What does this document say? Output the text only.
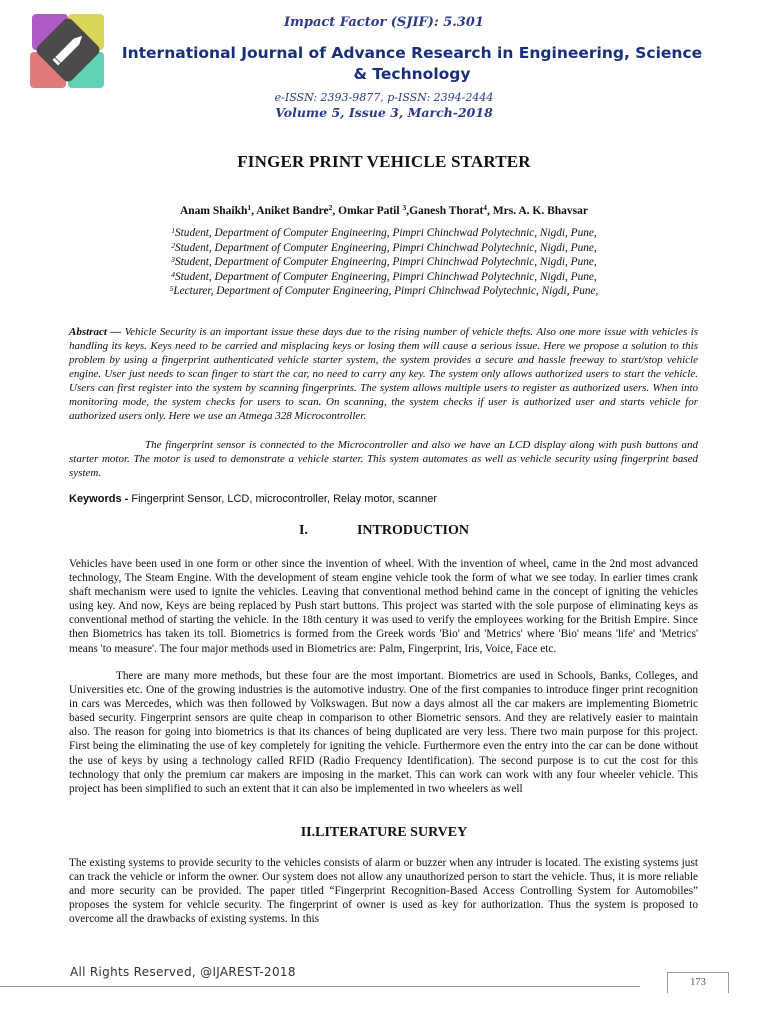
Impact Factor (SJIF): 5.301
International Journal of Advance Research in Engineering, Science & Technology
e-ISSN: 2393-9877, p-ISSN: 2394-2444
Volume 5, Issue 3, March-2018
FINGER PRINT VEHICLE STARTER
Anam Shaikh$^1$, Aniket Bandre$^2$, Omkar Patil $^3$,Ganesh Thorat$^4$, Mrs. A. K. Bhavsar
$^1$Student, Department of Computer Engineering, Pimpri Chinchwad Polytechnic, Nigdi, Pune,
$^2$Student, Department of Computer Engineering, Pimpri Chinchwad Polytechnic, Nigdi, Pune,
$^3$Student, Department of Computer Engineering, Pimpri Chinchwad Polytechnic, Nigdi, Pune,
$^4$Student, Department of Computer Engineering, Pimpri Chinchwad Polytechnic, Nigdi, Pune,
$^5$Lecturer, Department of Computer Engineering, Pimpri Chinchwad Polytechnic, Nigdi, Pune,

Abstract — Vehicle Security is an important issue these days due to the rising number of vehicle thefts. Also one more issue with vehicles is handling its keys. Keys need to be carried and misplacing keys or losing them will cause a serious issue. Here we propose a solution to this problem by using a fingerprint authenticated vehicle starter system, the system provides a secure and hassle freeway to start/stop vehicle engine. User just needs to scan finger to start the car, no need to carry any key. The system only allows authorized users to start the vehicle. Users can first register into the system by scanning fingerprints. The system allows multiple users to register as authorized users. When into monitoring mode, the system checks for users to scan. On scanning, the system checks if user is authorized user and starts vehicle for authorized users only. Here we use an Atmega 328 Microcontroller.

The fingerprint sensor is connected to the Microcontroller and also we have an LCD display along with push buttons and starter motor. The motor is used to demonstrate a vehicle starter. This system automates as well as vehicle security using fingerprint based system.

Keywords - Fingerprint Sensor, LCD, microcontroller, Relay motor, scanner

I.	INTRODUCTION

Vehicles have been used in one form or other since the invention of wheel. With the invention of wheel, came in the 2nd most advanced technology, The Steam Engine. With the development of steam engine vehicle took the form of what we see today. In earlier times crank shaft mechanism were used to ignite the vehicles. Leaving that conventional method behind came in the concept of igniting the vehicles using key. And now, Keys are being replaced by Push start buttons. This project was started with the sole purpose of eliminating keys as conventional method of starting the vehicle. In the 18th century it was used to verify the employees working for the British Empire. Since then Biometrics has taken its toll. Biometrics is formed from the Greek words 'Bio' and 'Metrics' where 'Bio' means 'life' and 'Metrics' means 'to measure'. The four major methods used in Biometrics are: Palm, Fingerprint, Iris, Voice, Face etc.

There are many more methods, but these four are the most important. Biometrics are used in Schools, Banks, Colleges, and Universities etc. One of the growing industries is the automotive industry. One of the first companies to introduce finger print recognition in cars was Mercedes, which was then followed by Volkswagen. But now a days almost all the car makers are implementing Biometric based security. Fingerprint sensors are quite cheap in comparison to other Biometric sensors. And they are relatively easier to maintain also. The reason for going into biometrics is that its chances of being duplicated are very less. There two main purpose for this project. First being the eliminating the use of key completely for igniting the vehicle. Furthermore even the entry into the car can be done without the use of keys by using a technology called RFID (Radio Frequency Identification). The second purpose is to cut the cost for this technology that only the premium car makers are imposing in the market. This can work can work with any four wheeler vehicle. This project has been simplified to such an extent that it can also be implemented in two wheelers as well

II.LITERATURE SURVEY

The existing systems to provide security to the vehicles consists of alarm or buzzer when any intruder is located. The existing systems just can track the vehicle or inform the owner. Our system does not allow any unauthorized person to start the vehicle. Thus, it is more reliable and more security can be provided. The paper titled “Fingerprint Recognition-Based Access Controlling System for Automobiles” proposes the system for vehicle security. The fingerprint of owner is used as key for authorization. Thus the system is proposed to overcome all the drawbacks of existing systems. In this

All Rights Reserved, @IJAREST-2018
173
